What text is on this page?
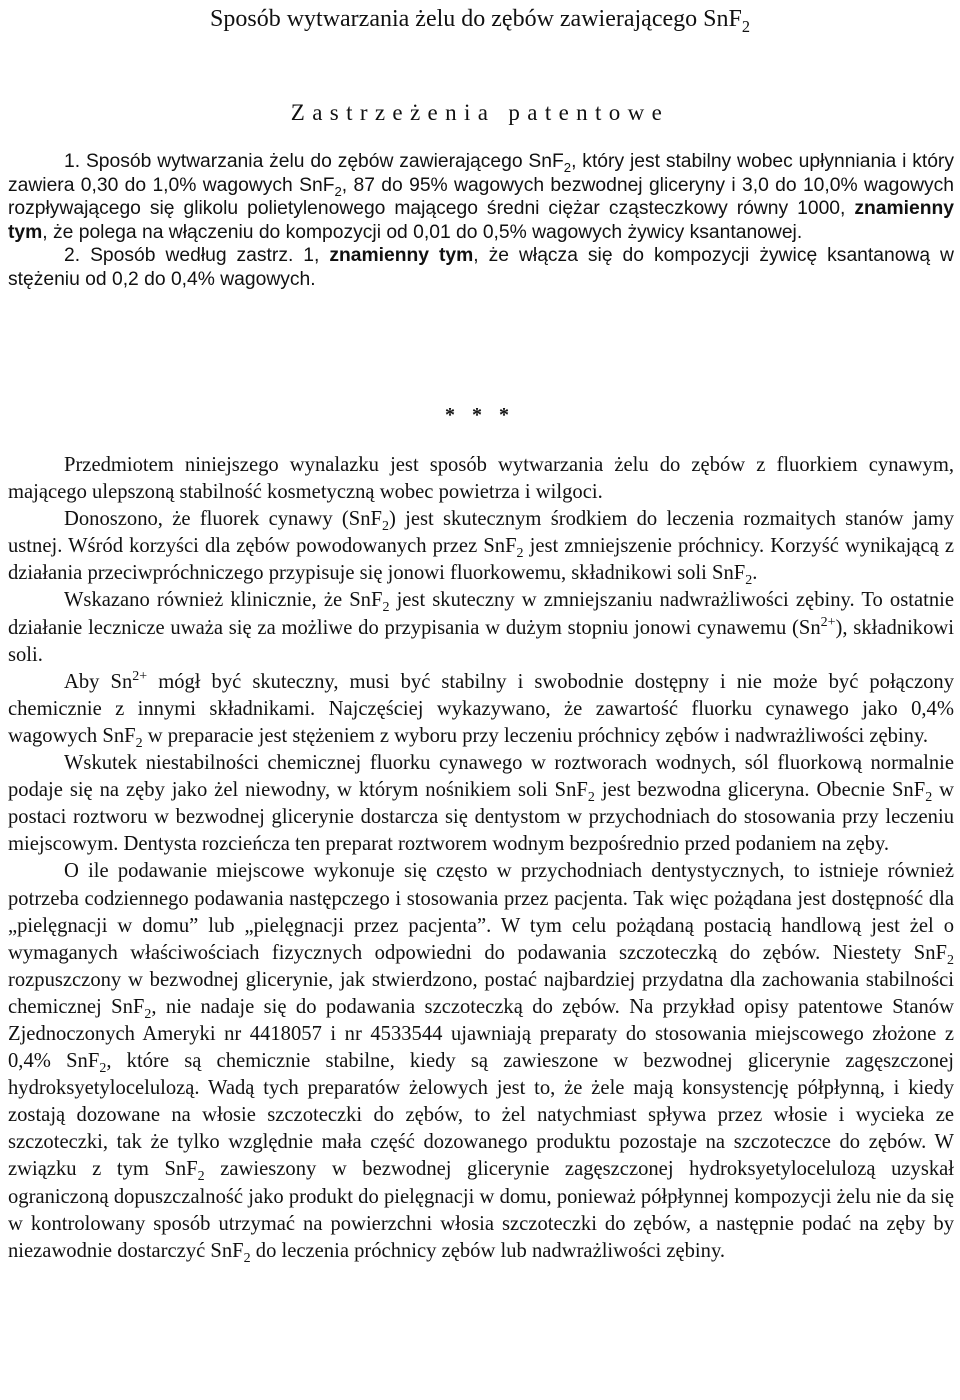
Sposób wytwarzania żelu do zębów zawierającego SnF$_2$
Zastrzeżenia patentowe

1. Sposób wytwarzania żelu do zębów zawierającego SnF$_2$, który jest stabilny wobec upłynniania i który zawiera 0,30 do 1,0% wagowych SnF$_2$, 87 do 95% wagowych bezwodnej gliceryny i 3,0 do 10,0% wagowych rozpływającego się glikolu polietylenowego mającego średni ciężar cząsteczkowy równy 1000, znamienny tym, że polega na włączeniu do kompozycji od 0,01 do 0,5% wagowych żywicy ksantanowej.

2. Sposób według zastrz. 1, znamienny tym, że włącza się do kompozycji żywicę ksantanową w stężeniu od 0,2 do 0,4% wagowych.

* * *

Przedmiotem niniejszego wynalazku jest sposób wytwarzania żelu do zębów z fluorkiem cynawym, mającego ulepszoną stabilność kosmetyczną wobec powietrza i wilgoci.

Donoszono, że fluorek cynawy (SnF$_2$) jest skutecznym środkiem do leczenia rozmaitych stanów jamy ustnej. Wśród korzyści dla zębów powodowanych przez SnF$_2$ jest zmniejszenie próchnicy. Korzyść wynikającą z działania przeciwpróchniczego przypisuje się jonowi fluorkowemu, składnikowi soli SnF$_2$.

Wskazano również klinicznie, że SnF$_2$ jest skuteczny w zmniejszaniu nadwrażliwości zębiny. To ostatnie działanie lecznicze uważa się za możliwe do przypisania w dużym stopniu jonowi cynawemu $(Sn^{2+})$, składnikowi soli.

Aby $Sn^{2+}$ mógł być skuteczny, musi być stabilny i swobodnie dostępny i nie może być połączony chemicznie z innymi składnikami. Najczęściej wykazywano, że zawartość fluorku cynawego jako 0,4% wagowych SnF$_2$ w preparacie jest stężeniem z wyboru przy leczeniu próchnicy zębów i nadwrażliwości zębiny.

Wskutek niestabilności chemicznej fluorku cynawego w roztworach wodnych, sól fluorkową normalnie podaje się na zęby jako żel niewodny, w którym nośnikiem soli SnF$_2$ jest bezwodna gliceryna. Obecnie SnF$_2$ w postaci roztworu w bezwodnej glicerynie dostarcza się dentystom w przychodniach do stosowania przy leczeniu miejscowym. Dentysta rozcieńcza ten preparat roztworem wodnym bezpośrednio przed podaniem na zęby.

O ile podawanie miejscowe wykonuje się często w przychodniach dentystycznych, to istnieje również potrzeba codziennego podawania następczego i stosowania przez pacjenta. Tak więc pożądana jest dostępność dla „pielęgnacji w domu” lub „pielęgnacji przez pacjenta”. W tym celu pożądaną postacią handlową jest żel o wymaganych właściwościach fizycznych odpowiedni do podawania szczoteczką do zębów. Niestety SnF$_2$ rozpuszczony w bezwodnej glicerynie, jak stwierdzono, postać najbardziej przydatna dla zachowania stabilności chemicznej SnF$_2$, nie nadaje się do podawania szczoteczką do zębów. Na przykład opisy patentowe Stanów Zjednoczonych Ameryki nr 4418057 i nr 4533544 ujawniają preparaty do stosowania miejscowego złożone z 0,4% SnF$_2$, które są chemicznie stabilne, kiedy są zawieszone w bezwodnej glicerynie zagęszczonej hydroksyetylocelulozą. Wadą tych preparatów żelowych jest to, że żele mają konsystencję półpłynną, i kiedy zostają dozowane na włosie szczoteczki do zębów, to żel natychmiast spływa przez włosie i wycieka ze szczoteczki, tak że tylko względnie mała część dozowanego produktu pozostaje na szczoteczce do zębów. W związku z tym SnF$_2$ zawieszony w bezwodnej glicerynie zagęszczonej hydroksyetylocelulozą uzyskał ograniczoną dopuszczalność jako produkt do pielęgnacji w domu, ponieważ półpłynnej kompozycji żelu nie da się w kontrolowany sposób utrzymać na powierzchni włosia szczoteczki do zębów, a następnie podać na zęby by niezawodnie dostarczyć SnF$_2$ do leczenia próchnicy zębów lub nadwrażliwości zębiny.
